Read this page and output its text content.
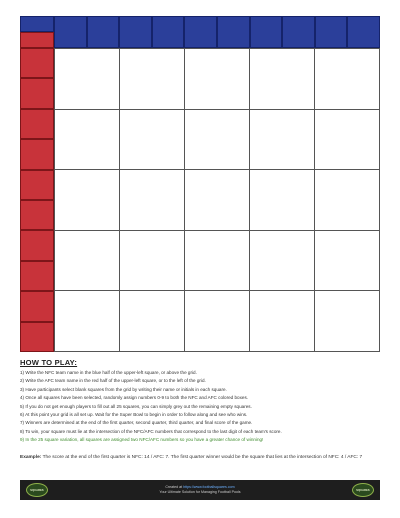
HOW TO PLAY:
1) Write the NFC team name in the blue half of the upper-left square, or above the grid.
2) Write the AFC team name in the red half of the upper-left square, or to the left of the grid.
3) Have participants select blank squares from the grid by writing their name or initials in each square.
4) Once all squares have been selected, randomly assign numbers 0-9 to both the NFC and AFC colored boxes.
5) If you do not get enough players to fill out all 25 squares, you can simply grey out the remaining empty squares.
6) At this point your grid is all set up. Wait for the Super Bowl to begin in order to follow along and see who wins.
7) Winners are determined at the end of the first quarter, second quarter, third quarter, and final score of the game.
8) To win, your square must lie at the intersection of the NFC/AFC numbers that correspond to the last digit of each team's score.
9) In the 25 square variation, all squares are assigned two NFC/AFC numbers so you have a greater chance of winning!
Example: The score at the end of the first quarter is NFC: 14 / AFC: 7. The first quarter winner would be the square that lies at the intersection of NFC: 4 / AFC: 7
SQUARES
Created at https://www.footballsquares.com
Your Ultimate Solution for Managing Football Pools	SQUARES
